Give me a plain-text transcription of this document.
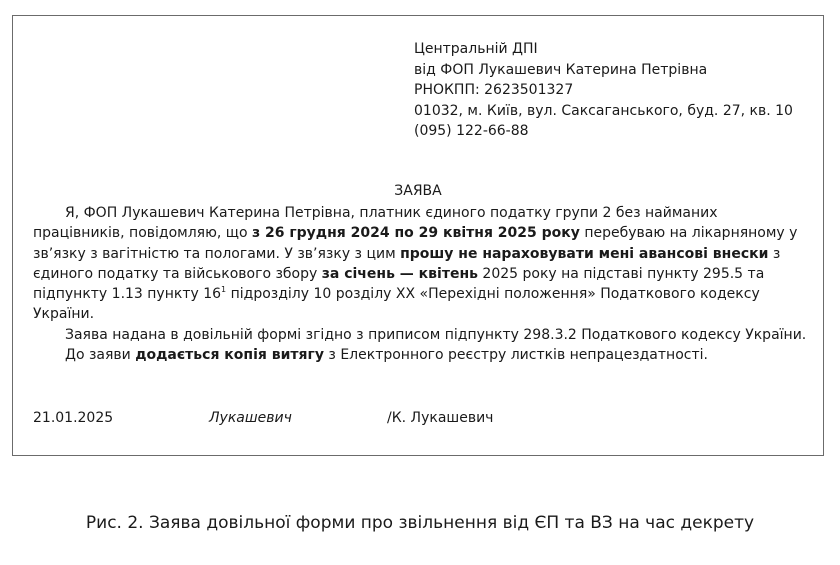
Центральній ДПІ
від ФОП Лукашевич Катерина Петрівна
РНОКПП: 2623501327
01032, м. Київ, вул. Саксаганського, буд. 27, кв. 10
(095) 122-66-88
ЗАЯВА

Я, ФОП Лукашевич Катерина Петрівна, платник єдиного податку групи 2 без найманих працівників, повідомляю, що з 26 грудня 2024 по 29 квітня 2025 року перебуваю на лікарняному у зв’язку з вагітністю та пологами. У зв’язку з цим прошу не нараховувати мені авансові внески з єдиного податку та військового збору за січень — квітень 2025 року на підставі пункту 295.5 та підпункту 1.13 пункту $16^1$ підрозділу 10 розділу ХХ «Перехідні положення» Податкового кодексу України.

Заява надана в довільній формі згідно з приписом підпункту 298.3.2 Податкового кодексу України.

До заяви додається копія витягу з Електронного реєстру листків непрацездатності.

21.01.2025	Лукашевич	/К. Лукашевич
Рис. 2. Заява довільної форми про звільнення від ЄП та ВЗ на час декрету
